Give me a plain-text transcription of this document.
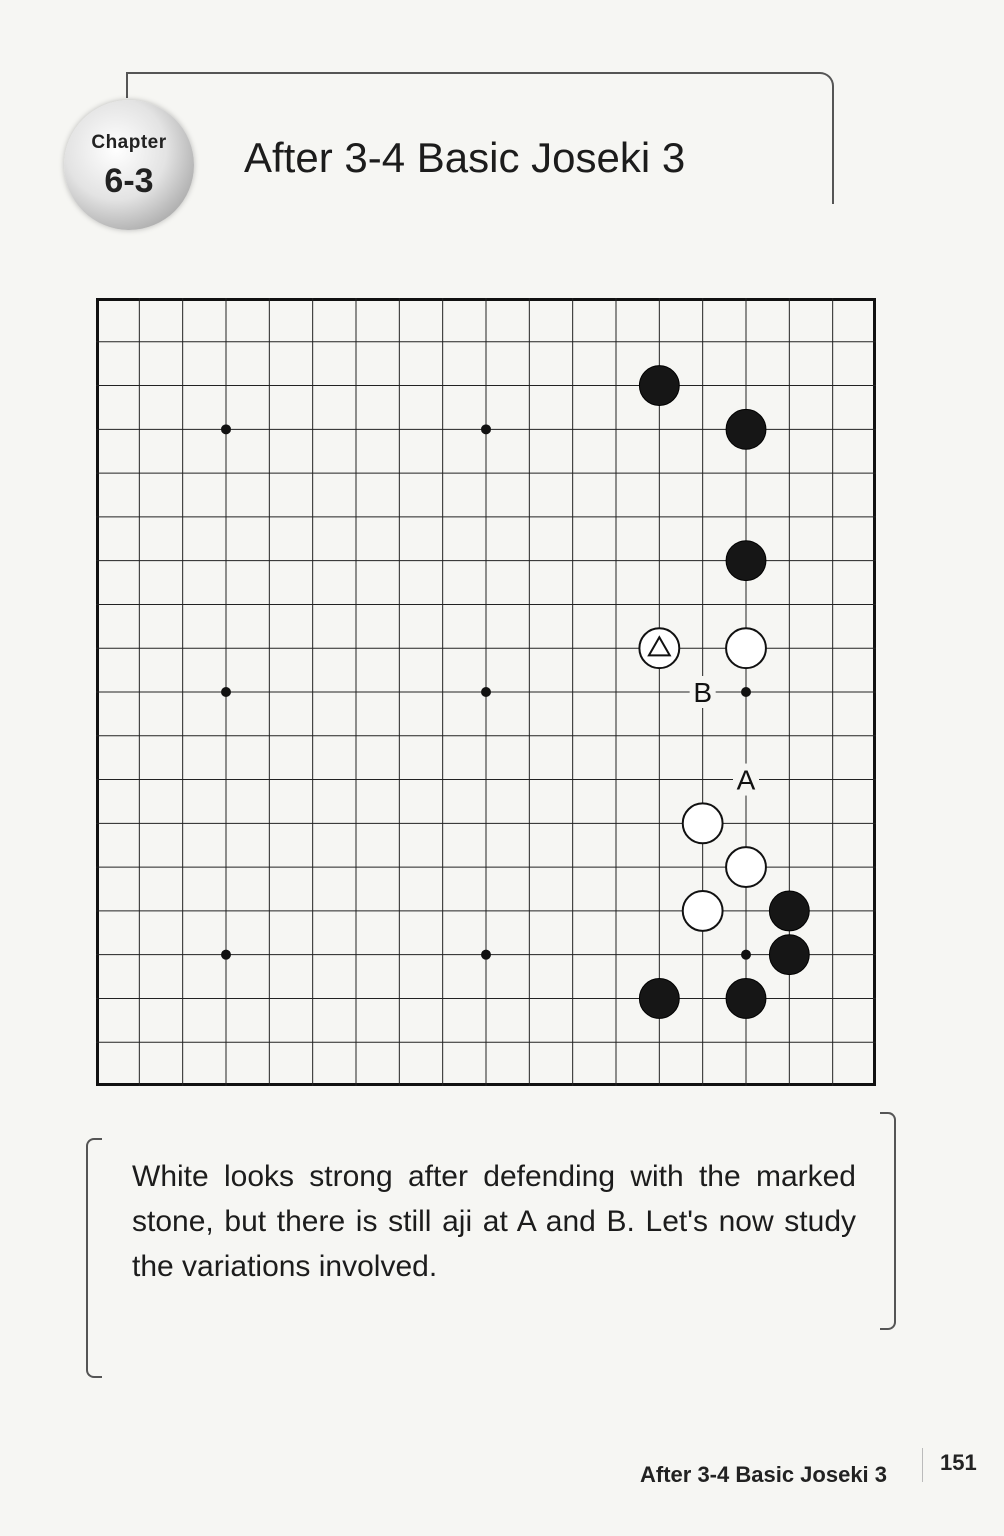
Chapter
6-3	After 3-4 Basic Joseki 3
B
A
White looks strong after defending with the marked stone, but there is still aji at A and B. Let's now study the variations involved.
After 3-4 Basic Joseki 3 151
